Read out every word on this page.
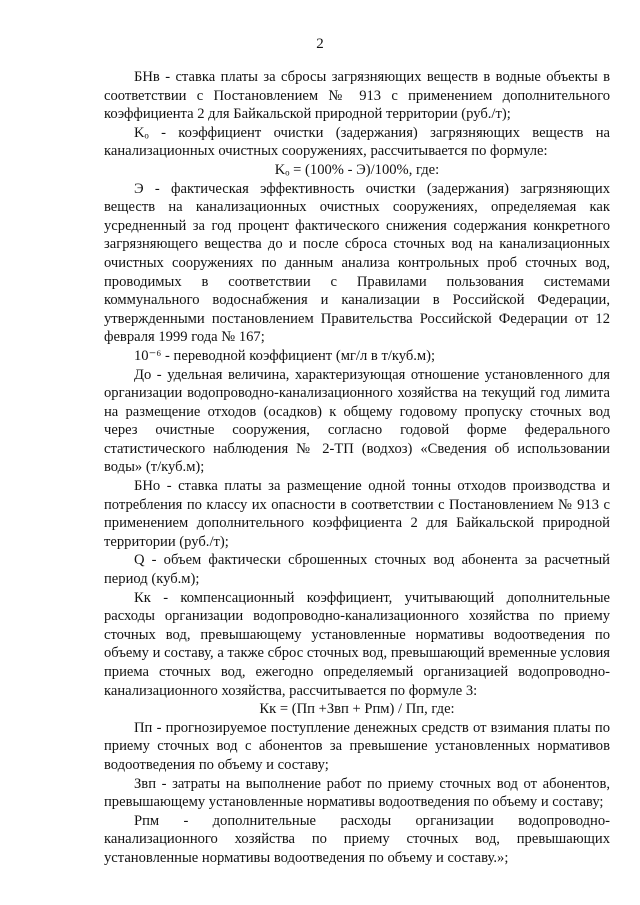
2

БНв - ставка платы за сбросы загрязняющих веществ в водные объекты в соответствии с Постановлением № 913 с применением дополнительного коэффициента 2 для Байкальской природной территории (руб./т);

Kₒ - коэффициент очистки (задержания) загрязняющих веществ на канализационных очистных сооружениях, рассчитывается по формуле:

Kₒ = (100% - Э)/100%, где:

Э - фактическая эффективность очистки (задержания) загрязняющих веществ на канализационных очистных сооружениях, определяемая как усредненный за год процент фактического снижения содержания конкретного загрязняющего вещества до и после сброса сточных вод на канализационных очистных сооружениях по данным анализа контрольных проб сточных вод, проводимых в соответствии с Правилами пользования системами коммунального водоснабжения и канализации в Российской Федерации, утвержденными постановлением Правительства Российской Федерации от 12 февраля 1999 года № 167;

10⁻⁶ - переводной коэффициент (мг/л в т/куб.м);

До - удельная величина, характеризующая отношение установленного для организации водопроводно-канализационного хозяйства на текущий год лимита на размещение отходов (осадков) к общему годовому пропуску сточных вод через очистные сооружения, согласно годовой форме федерального статистического наблюдения № 2-ТП (водхоз) «Сведения об использовании воды» (т/куб.м);

БНо - ставка платы за размещение одной тонны отходов производства и потребления по классу их опасности в соответствии с Постановлением № 913 с применением дополнительного коэффициента 2 для Байкальской природной территории (руб./т);

Q - объем фактически сброшенных сточных вод абонента за расчетный период (куб.м);

Кк - компенсационный коэффициент, учитывающий дополнительные расходы организации водопроводно-канализационного хозяйства по приему сточных вод, превышающему установленные нормативы водоотведения по объему и составу, а также сброс сточных вод, превышающий временные условия приема сточных вод, ежегодно определяемый организацией водопроводно-канализационного хозяйства, рассчитывается по формуле 3:

Кк = (Пп +Звп + Рпм) / Пп, где:

Пп - прогнозируемое поступление денежных средств от взимания платы по приему сточных вод с абонентов за превышение установленных нормативов водоотведения по объему и составу;

Звп - затраты на выполнение работ по приему сточных вод от абонентов, превышающему установленные нормативы водоотведения по объему и составу;

Рпм - дополнительные расходы организации водопроводно-канализационного хозяйства по приему сточных вод, превышающих установленные нормативы водоотведения по объему и составу.»;
